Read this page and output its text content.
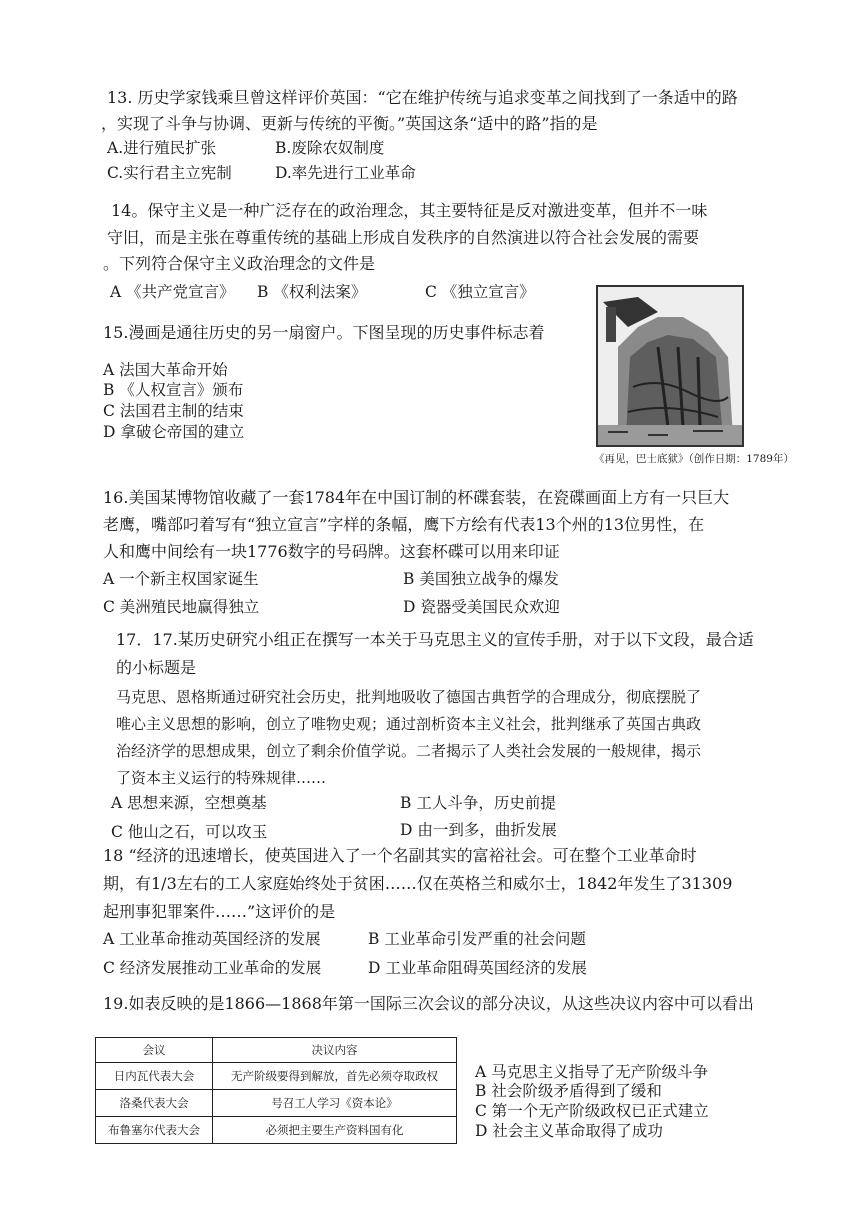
13. 历史学家钱乘旦曾这样评价英国：“它在维护传统与追求变革之间找到了一条适中的路
，实现了斗争与协调、更新与传统的平衡。”英国这条“适中的路”指的是
A.进行殖民扩张	B.废除农奴制度
C.实行君主立宪制	D.率先进行工业革命
14。保守主义是一种广泛存在的政治理念，其主要特征是反对激进变革，但并不一味
守旧，而是主张在尊重传统的基础上形成自发秩序的自然演进以符合社会发展的需要
。下列符合保守主义政治理念的文件是
A 《共产党宣言》 B 《权利法案》	C 《独立宣言》
15.漫画是通往历史的另一扇窗户。下图呈现的历史事件标志着
A 法国大革命开始
B 《人权宣言》颁布
C 法国君主制的结束
D 拿破仑帝国的建立
《再见，巴士底狱》（创作日期：1789年）
16.美国某博物馆收藏了一套1784年在中国订制的杯碟套装，在瓷碟画面上方有一只巨大
老鹰，嘴部叼着写有“独立宣言”字样的条幅，鹰下方绘有代表13个州的13位男性，在
人和鹰中间绘有一块1776数字的号码牌。这套杯碟可以用来印证
A 一个新主权国家诞生	B 美国独立战争的爆发
C 美洲殖民地赢得独立	D 瓷器受美国民众欢迎
17．17.某历史研究小组正在撰写一本关于马克思主义的宣传手册，对于以下文段，最合适
的小标题是
马克思、恩格斯通过研究社会历史，批判地吸收了德国古典哲学的合理成分，彻底摆脱了
唯心主义思想的影响，创立了唯物史观；通过剖析资本主义社会，批判继承了英国古典政
治经济学的思想成果，创立了剩余价值学说。二者揭示了人类社会发展的一般规律，揭示
了资本主义运行的特殊规律……
A 思想来源，空想奠基	B 工人斗争，历史前提
C 他山之石，可以攻玉	D 由一到多，曲折发展
18 “经济的迅速增长，使英国进入了一个名副其实的富裕社会。可在整个工业革命时
期，有1/3左右的工人家庭始终处于贫困……仅在英格兰和威尔士，1842年发生了31309
起刑事犯罪案件……”这评价的是
A 工业革命推动英国经济的发展	B 工业革命引发严重的社会问题
C 经济发展推动工业革命的发展	D 工业革命阻碍英国经济的发展
19.如表反映的是1866—1868年第一国际三次会议的部分决议，从这些决议内容中可以看出
会议	决议内容
日内瓦代表大会	无产阶级要得到解放，首先必须夺取政权
洛桑代表大会	号召工人学习《资本论》
布鲁塞尔代表大会	必须把主要生产资料国有化
A 马克思主义指导了无产阶级斗争
B 社会阶级矛盾得到了缓和
C 第一个无产阶级政权已正式建立
D 社会主义革命取得了成功
